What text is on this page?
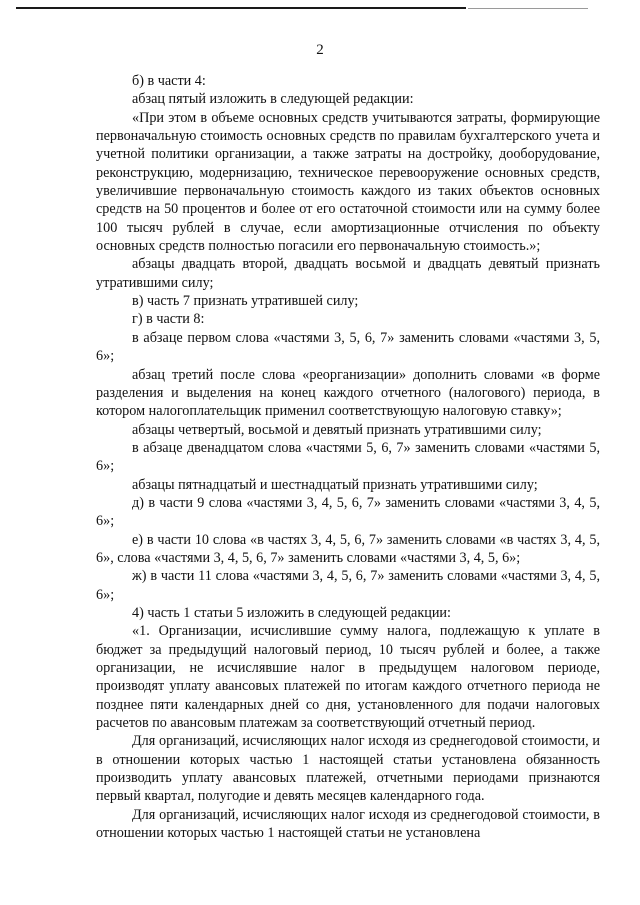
2

б) в части 4:

абзац пятый изложить в следующей редакции:

«При этом в объеме основных средств учитываются затраты, формирующие первоначальную стоимость основных средств по правилам бухгалтерского учета и учетной политики организации, а также затраты на достройку, дооборудование, реконструкцию, модернизацию, техническое перевооружение основных средств, увеличившие первоначальную стоимость каждого из таких объектов основных средств на 50 процентов и более от его остаточной стоимости или на сумму более 100 тысяч рублей в случае, если амортизационные отчисления по объекту основных средств полностью погасили его первоначальную стоимость.»;

абзацы двадцать второй, двадцать восьмой и двадцать девятый признать утратившими силу;

в) часть 7 признать утратившей силу;

г) в части 8:

в абзаце первом слова «частями 3, 5, 6, 7» заменить словами «частями 3, 5, 6»;

абзац третий после слова «реорганизации» дополнить словами «в форме разделения и выделения на конец каждого отчетного (налогового) периода, в котором налогоплательщик применил соответствующую налоговую ставку»;

абзацы четвертый, восьмой и девятый признать утратившими силу;

в абзаце двенадцатом слова «частями 5, 6, 7» заменить словами «частями 5, 6»;

абзацы пятнадцатый и шестнадцатый признать утратившими силу;

д) в части 9 слова «частями 3, 4, 5, 6, 7» заменить словами «частями 3, 4, 5, 6»;

е) в части 10 слова «в частях 3, 4, 5, 6, 7» заменить словами «в частях 3, 4, 5, 6», слова «частями 3, 4, 5, 6, 7» заменить словами «частями 3, 4, 5, 6»;

ж) в части 11 слова «частями 3, 4, 5, 6, 7» заменить словами «частями 3, 4, 5, 6»;

4) часть 1 статьи 5 изложить в следующей редакции:

«1. Организации, исчислившие сумму налога, подлежащую к уплате в бюджет за предыдущий налоговый период, 10 тысяч рублей и более, а также организации, не исчислявшие налог в предыдущем налоговом периоде, производят уплату авансовых платежей по итогам каждого отчетного периода не позднее пяти календарных дней со дня, установленного для подачи налоговых расчетов по авансовым платежам за соответствующий отчетный период.

Для организаций, исчисляющих налог исходя из среднегодовой стоимости, и в отношении которых частью 1 настоящей статьи установлена обязанность производить уплату авансовых платежей, отчетными периодами признаются первый квартал, полугодие и девять месяцев календарного года.

Для организаций, исчисляющих налог исходя из среднегодовой стоимости, в отношении которых частью 1 настоящей статьи не установлена
